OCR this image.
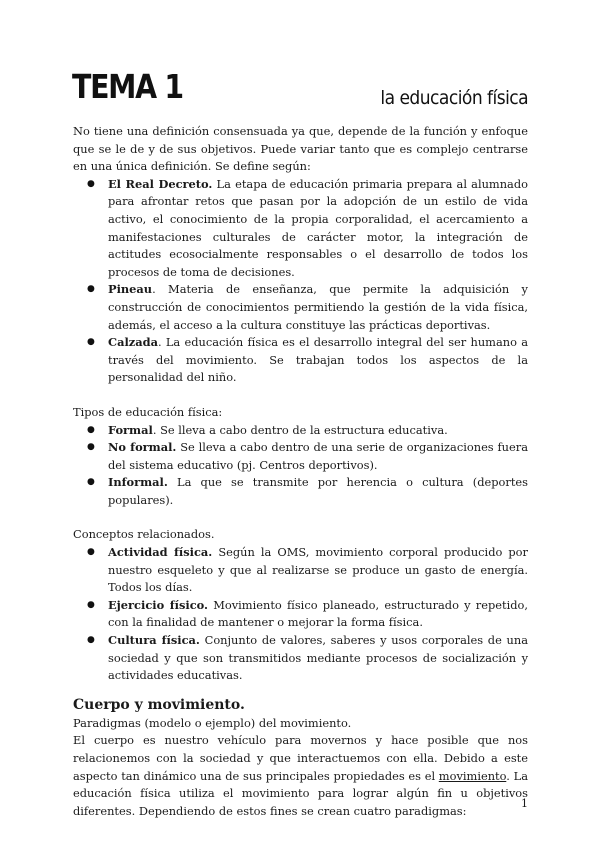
TEMA 1	la educación física

No tiene una definición consensuada ya que, depende de la función y enfoque que se le de y de sus objetivos. Puede variar tanto que es complejo centrarse en una única definición. Se define según:

● El Real Decreto. La etapa de educación primaria prepara al alumnado para afrontar retos que pasan por la adopción de un estilo de vida activo, el conocimiento de la propia corporalidad, el acercamiento a manifestaciones culturales de carácter motor, la integración de actitudes ecosocialmente responsables o el desarrollo de todos los procesos de toma de decisiones.
● Pineau. Materia de enseñanza, que permite la adquisición y construcción de conocimientos permitiendo la gestión de la vida física, además, el acceso a la cultura constituye las prácticas deportivas.
● Calzada. La educación física es el desarrollo integral del ser humano a través del movimiento. Se trabajan todos los aspectos de la personalidad del niño.

Tipos de educación física:

● Formal. Se lleva a cabo dentro de la estructura educativa.
● No formal. Se lleva a cabo dentro de una serie de organizaciones fuera del sistema educativo (pj. Centros deportivos).
● Informal. La que se transmite por herencia o cultura (deportes populares).

Conceptos relacionados.

● Actividad física. Según la OMS, movimiento corporal producido por nuestro esqueleto y que al realizarse se produce un gasto de energía. Todos los días.
● Ejercicio físico. Movimiento físico planeado, estructurado y repetido, con la finalidad de mantener o mejorar la forma física.
● Cultura física. Conjunto de valores, saberes y usos corporales de una sociedad y que son transmitidos mediante procesos de socialización y actividades educativas.
Cuerpo y movimiento.

Paradigmas (modelo o ejemplo) del movimiento.

El cuerpo es nuestro vehículo para movernos y hace posible que nos relacionemos con la sociedad y que interactuemos con ella. Debido a este aspecto tan dinámico una de sus principales propiedades es el movimiento. La educación física utiliza el movimiento para lograr algún fin u objetivos diferentes. Dependiendo de estos fines se crean cuatro paradigmas:

1
